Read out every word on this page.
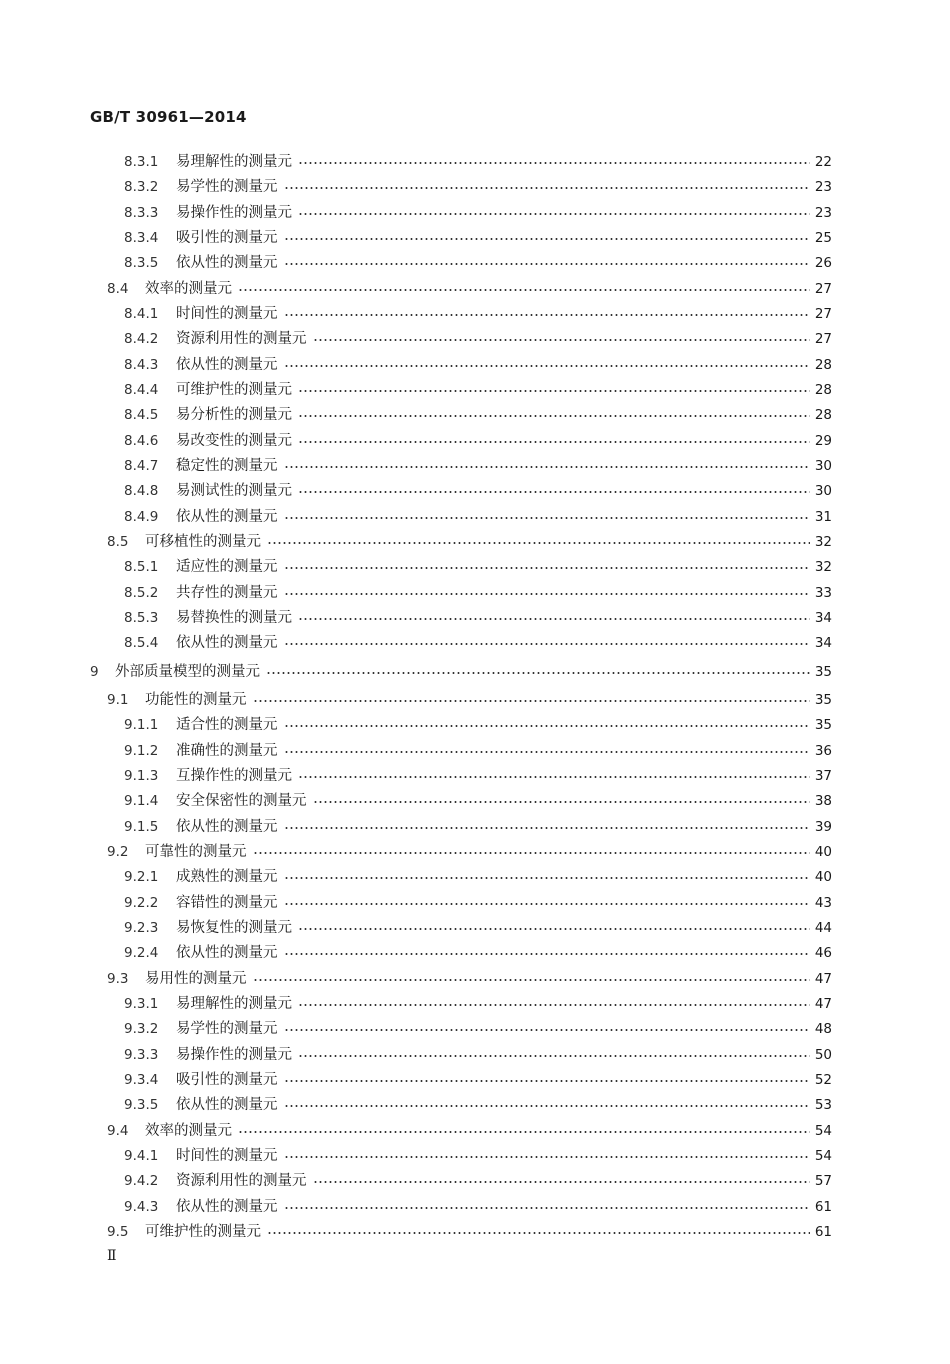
GB/T 30961—2014
8.3.1 易理解性的测量元	22
8.3.2 易学性的测量元	23
8.3.3 易操作性的测量元	23
8.3.4 吸引性的测量元	25
8.3.5 依从性的测量元	26
8.4 效率的测量元	27
8.4.1 时间性的测量元	27
8.4.2 资源利用性的测量元	27
8.4.3 依从性的测量元	28
8.4.4 可维护性的测量元	28
8.4.5 易分析性的测量元	28
8.4.6 易改变性的测量元	29
8.4.7 稳定性的测量元	30
8.4.8 易测试性的测量元	30
8.4.9 依从性的测量元	31
8.5 可移植性的测量元	32
8.5.1 适应性的测量元	32
8.5.2 共存性的测量元	33
8.5.3 易替换性的测量元	34
8.5.4 依从性的测量元	34
9 外部质量模型的测量元	35
9.1 功能性的测量元	35
9.1.1 适合性的测量元	35
9.1.2 准确性的测量元	36
9.1.3 互操作性的测量元	37
9.1.4 安全保密性的测量元	38
9.1.5 依从性的测量元	39
9.2 可靠性的测量元	40
9.2.1 成熟性的测量元	40
9.2.2 容错性的测量元	43
9.2.3 易恢复性的测量元	44
9.2.4 依从性的测量元	46
9.3 易用性的测量元	47
9.3.1 易理解性的测量元	47
9.3.2 易学性的测量元	48
9.3.3 易操作性的测量元	50
9.3.4 吸引性的测量元	52
9.3.5 依从性的测量元	53
9.4 效率的测量元	54
9.4.1 时间性的测量元	54
9.4.2 资源利用性的测量元	57
9.4.3 依从性的测量元	61
9.5 可维护性的测量元	61
Ⅱ
